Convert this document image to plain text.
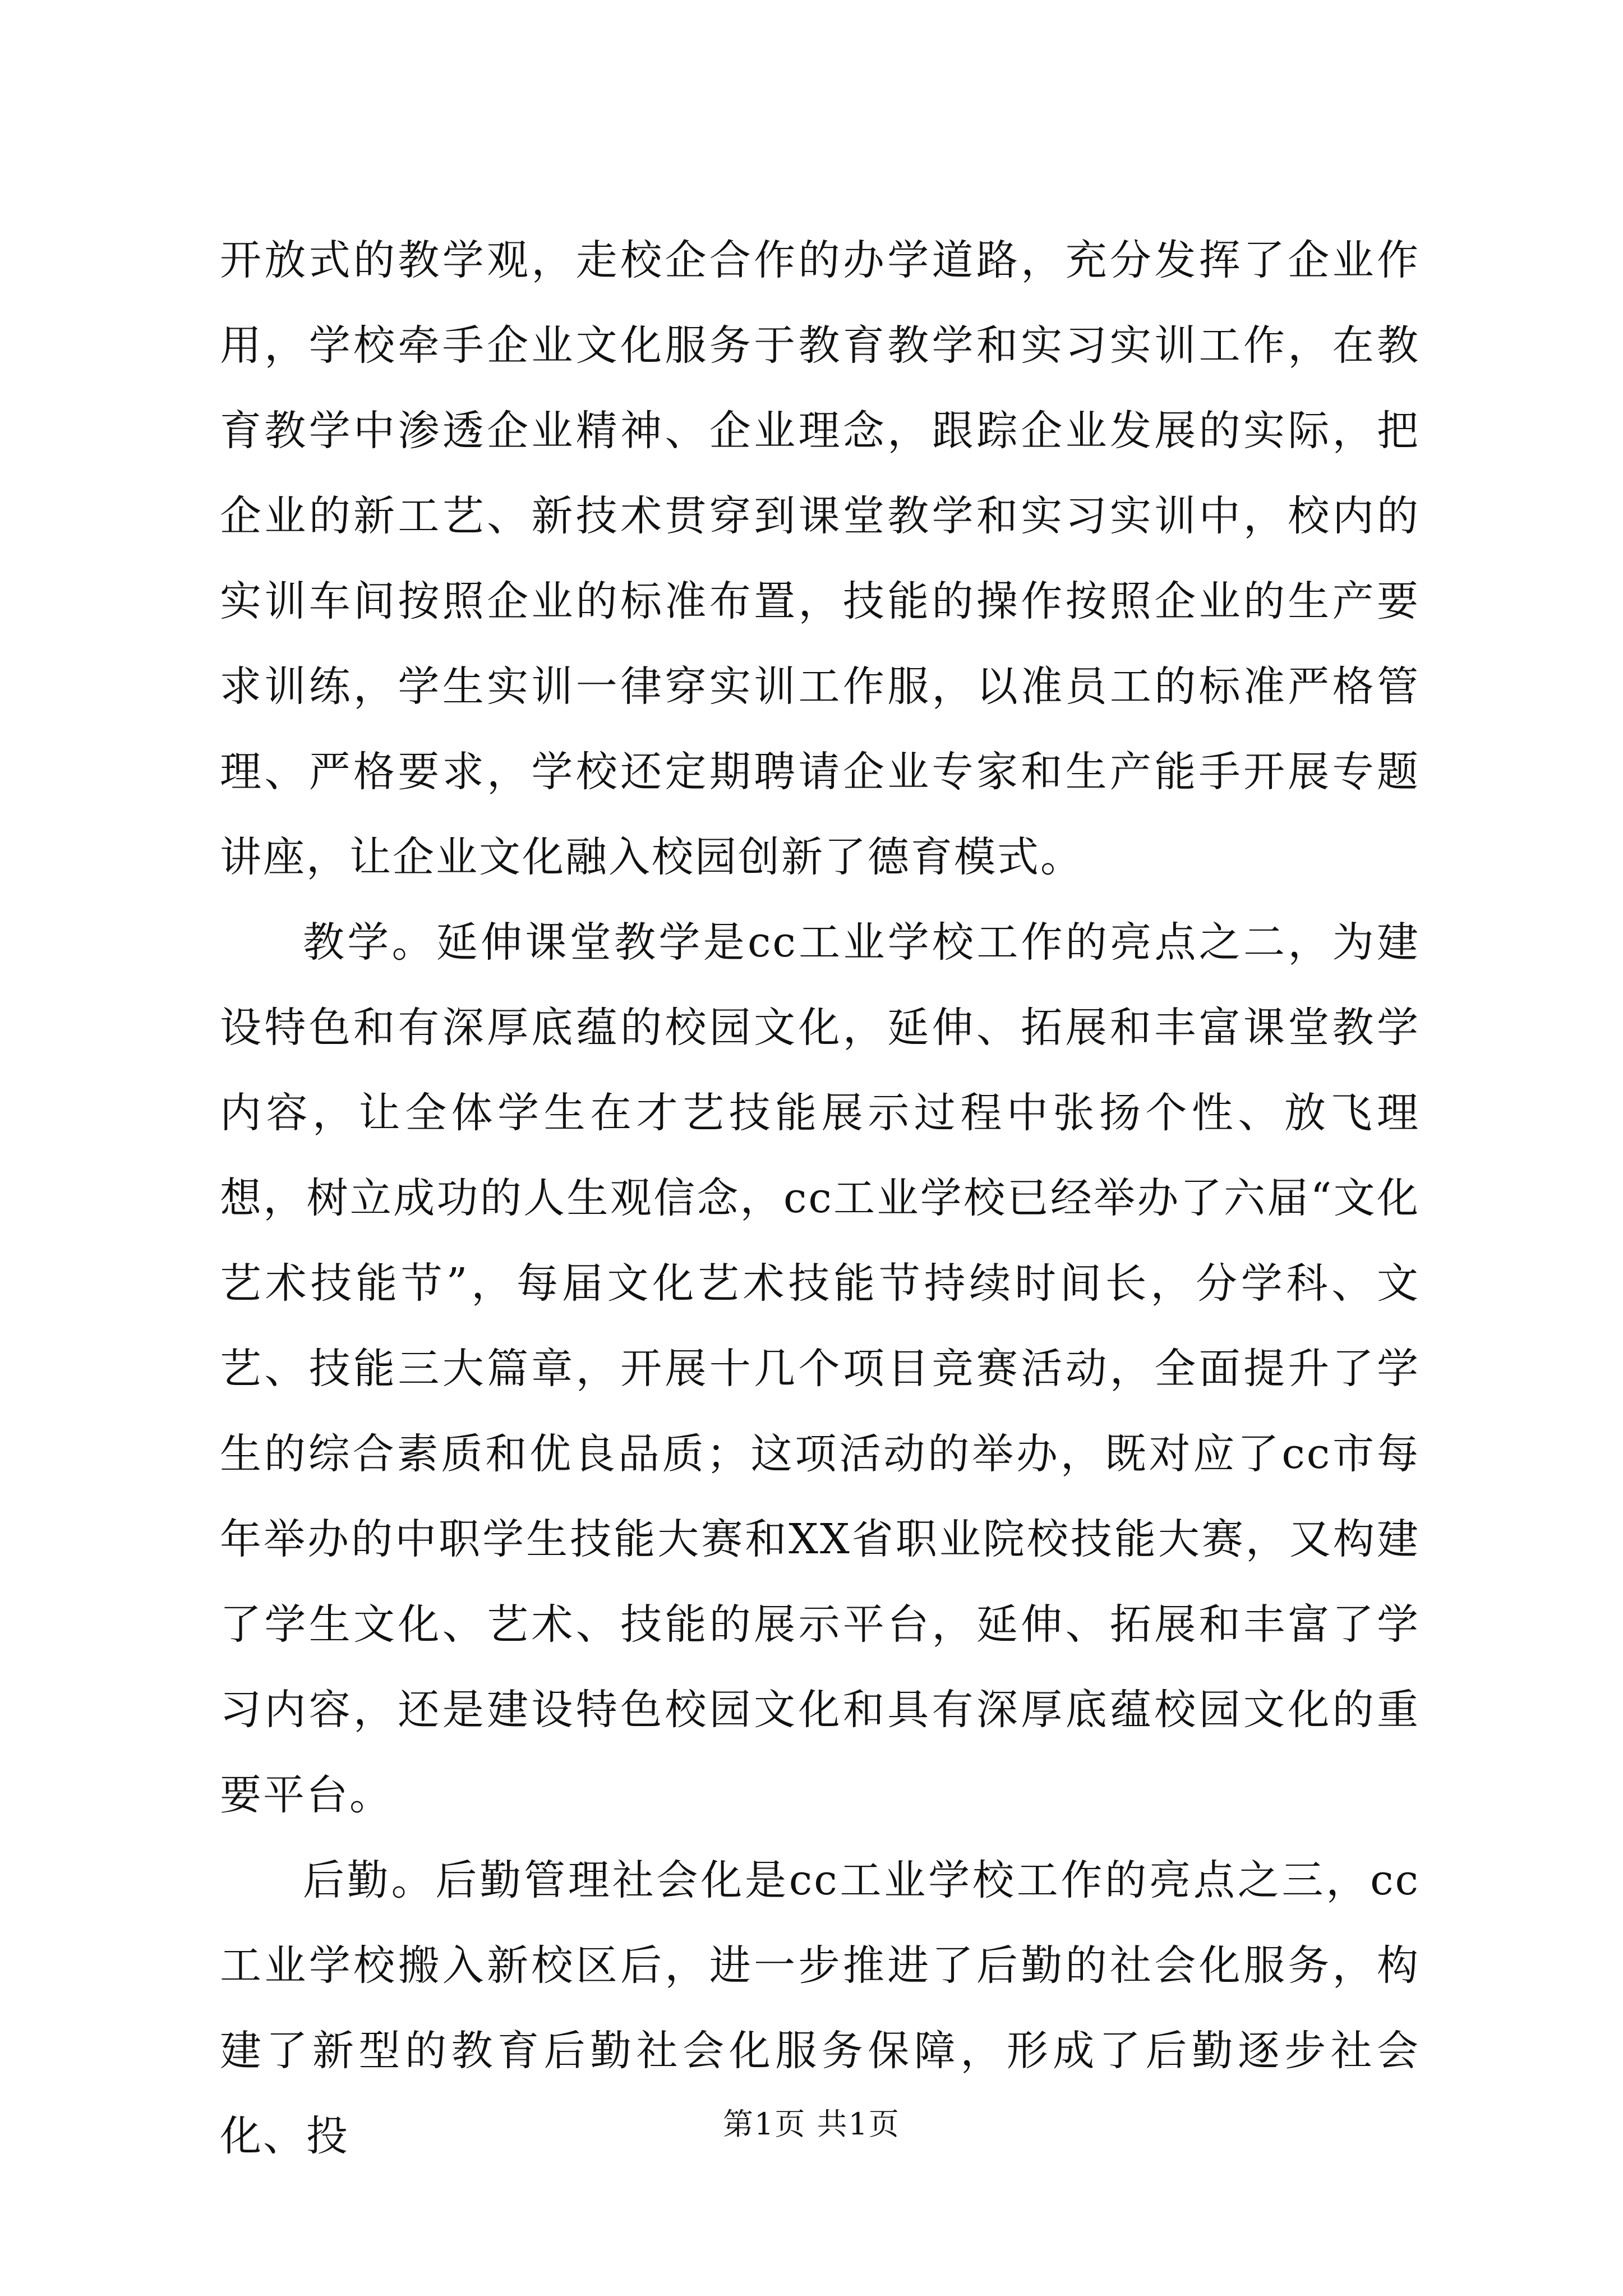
开放式的教学观，走校企合作的办学道路，充分发挥了企业作用，学校牵手企业文化服务于教育教学和实习实训工作，在教育教学中渗透企业精神、企业理念，跟踪企业发展的实际，把企业的新工艺、新技术贯穿到课堂教学和实习实训中，校内的实训车间按照企业的标准布置，技能的操作按照企业的生产要求训练，学生实训一律穿实训工作服，以准员工的标准严格管理、严格要求，学校还定期聘请企业专家和生产能手开展专题讲座，让企业文化融入校园创新了德育模式。

教学。延伸课堂教学是cc工业学校工作的亮点之二，为建设特色和有深厚底蕴的校园文化，延伸、拓展和丰富课堂教学内容，让全体学生在才艺技能展示过程中张扬个性、放飞理想，树立成功的人生观信念，cc工业学校已经举办了六届“文化艺术技能节”，每届文化艺术技能节持续时间长，分学科、文艺、技能三大篇章，开展十几个项目竞赛活动，全面提升了学生的综合素质和优良品质；这项活动的举办，既对应了cc市每年举办的中职学生技能大赛和XX省职业院校技能大赛，又构建了学生文化、艺术、技能的展示平台，延伸、拓展和丰富了学习内容，还是建设特色校园文化和具有深厚底蕴校园文化的重要平台。

后勤。后勤管理社会化是cc工业学校工作的亮点之三，cc工业学校搬入新校区后，进一步推进了后勤的社会化服务，构建了新型的教育后勤社会化服务保障，形成了后勤逐步社会化、投	第1页 共1页
